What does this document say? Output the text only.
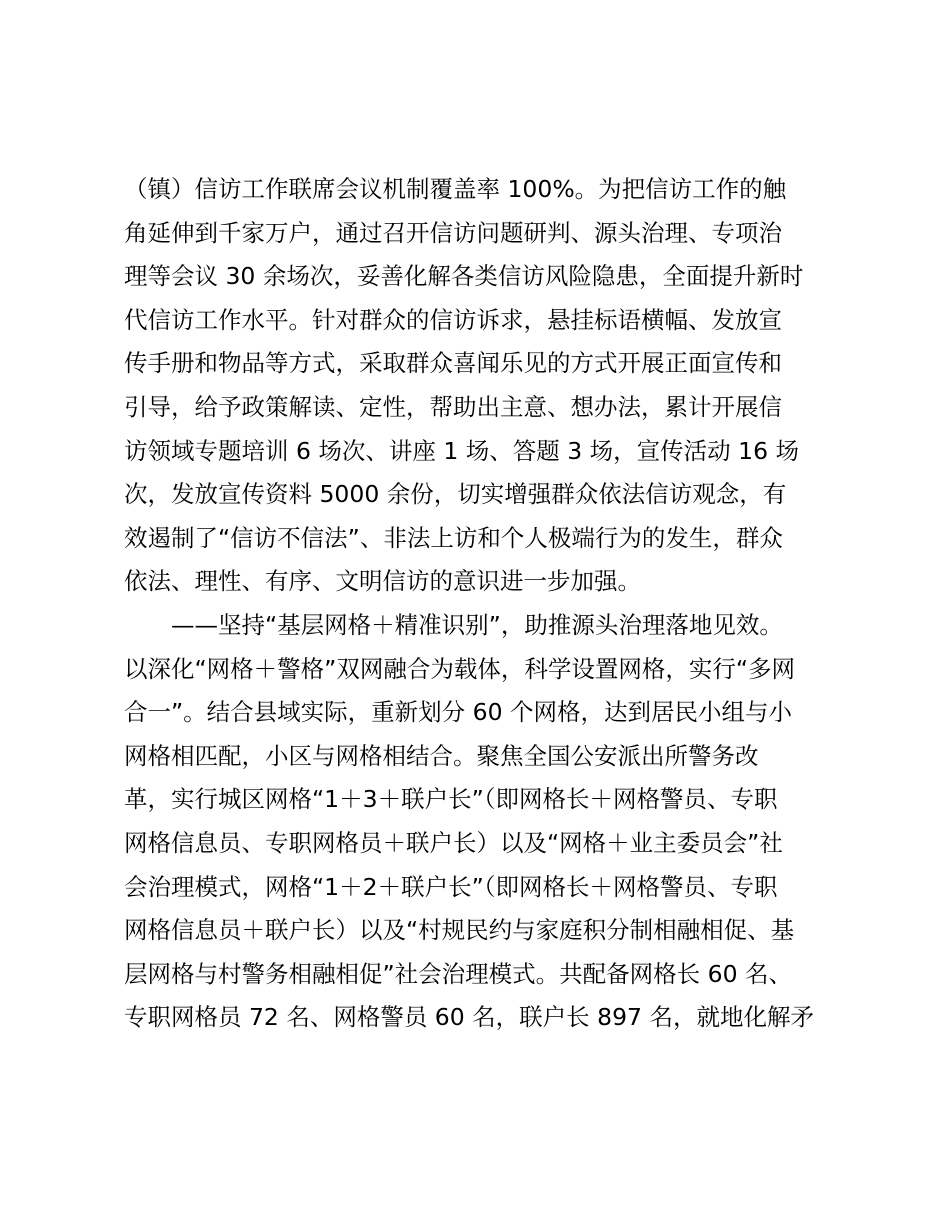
（镇）信访工作联席会议机制覆盖率 100%。为把信访工作的触
角延伸到千家万户，通过召开信访问题研判、源头治理、专项治
理等会议 30 余场次，妥善化解各类信访风险隐患，全面提升新时
代信访工作水平。针对群众的信访诉求，悬挂标语横幅、发放宣
传手册和物品等方式，采取群众喜闻乐见的方式开展正面宣传和
引导，给予政策解读、定性，帮助出主意、想办法，累计开展信
访领域专题培训 6 场次、讲座 1 场、答题 3 场，宣传活动 16 场
次，发放宣传资料 5000 余份，切实增强群众依法信访观念，有
效遏制了“信访不信法”、非法上访和个人极端行为的发生，群众
依法、理性、有序、文明信访的意识进一步加强。
　　——坚持“基层网格＋精准识别”，助推源头治理落地见效。
以深化“网格＋警格”双网融合为载体，科学设置网格，实行“多网
合一”。结合县域实际，重新划分 60 个网格，达到居民小组与小
网格相匹配，小区与网格相结合。聚焦全国公安派出所警务改
革，实行城区网格“1＋3＋联户长”（即网格长＋网格警员、专职
网格信息员、专职网格员＋联户长）以及“网格＋业主委员会”社
会治理模式，网格“1＋2＋联户长”（即网格长＋网格警员、专职
网格信息员＋联户长）以及“村规民约与家庭积分制相融相促、基
层网格与村警务相融相促”社会治理模式。共配备网格长 60 名、
专职网格员 72 名、网格警员 60 名，联户长 897 名，就地化解矛
